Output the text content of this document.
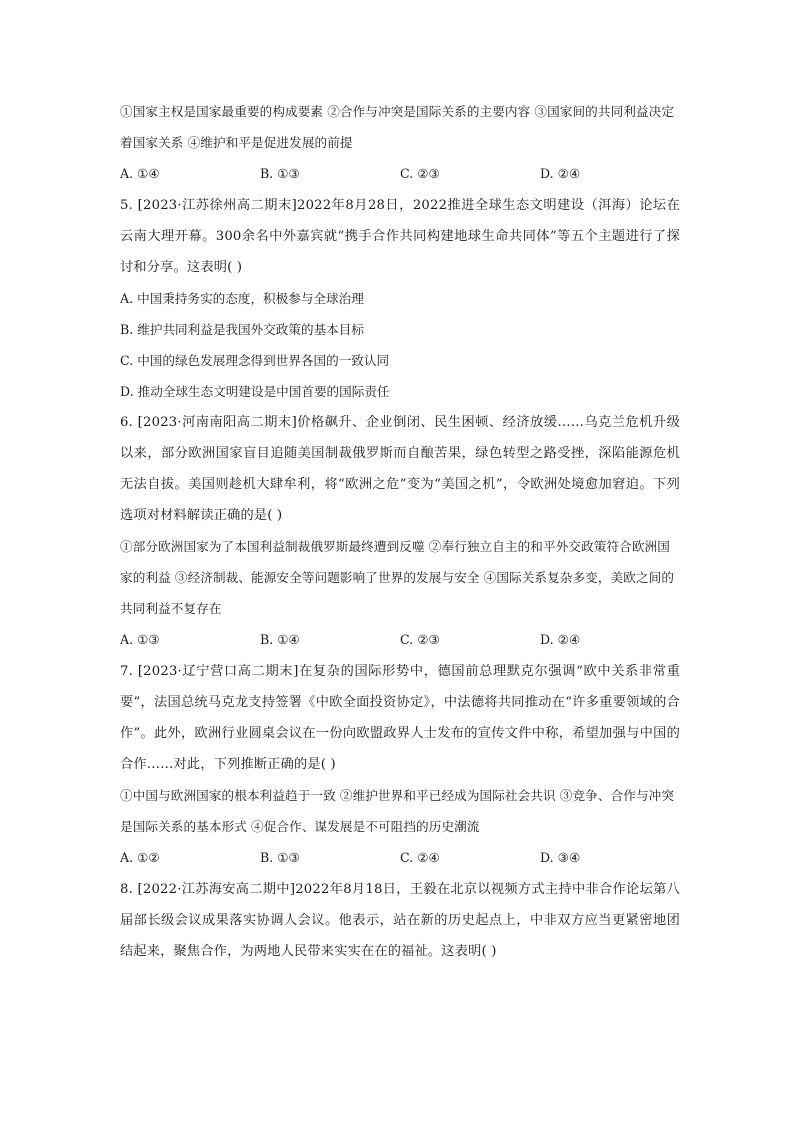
①国家主权是国家最重要的构成要素 ②合作与冲突是国际关系的主要内容 ③国家间的共同利益决定着国家关系 ④维护和平是促进发展的前提

A. ①④	B. ①③	C. ②③	D. ②④

5. [2023·江苏徐州高二期末]2022年8月28日，2022推进全球生态文明建设（洱海）论坛在云南大理开幕。300余名中外嘉宾就“携手合作共同构建地球生命共同体”等五个主题进行了探讨和分享。这表明( )

A. 中国秉持务实的态度，积极参与全球治理

B. 维护共同利益是我国外交政策的基本目标

C. 中国的绿色发展理念得到世界各国的一致认同

D. 推动全球生态文明建设是中国首要的国际责任

6. [2023·河南南阳高二期末]价格飙升、企业倒闭、民生困顿、经济放缓……乌克兰危机升级以来，部分欧洲国家盲目追随美国制裁俄罗斯而自酿苦果，绿色转型之路受挫，深陷能源危机无法自拔。美国则趁机大肆牟利，将“欧洲之危”变为“美国之机”，令欧洲处境愈加窘迫。下列选项对材料解读正确的是( )

①部分欧洲国家为了本国利益制裁俄罗斯最终遭到反噬 ②奉行独立自主的和平外交政策符合欧洲国家的利益 ③经济制裁、能源安全等问题影响了世界的发展与安全 ④国际关系复杂多变，美欧之间的共同利益不复存在

A. ①③	B. ①④	C. ②③	D. ②④

7. [2023·辽宁营口高二期末]在复杂的国际形势中，德国前总理默克尔强调“欧中关系非常重要”，法国总统马克龙支持签署《中欧全面投资协定》，中法德将共同推动在“许多重要领域的合作”。此外，欧洲行业圆桌会议在一份向欧盟政界人士发布的宣传文件中称，希望加强与中国的合作……对此，下列推断正确的是( )

①中国与欧洲国家的根本利益趋于一致 ②维护世界和平已经成为国际社会共识 ③竞争、合作与冲突是国际关系的基本形式 ④促合作、谋发展是不可阻挡的历史潮流

A. ①②	B. ①③	C. ②④	D. ③④

8. [2022·江苏海安高二期中]2022年8月18日，王毅在北京以视频方式主持中非合作论坛第八届部长级会议成果落实协调人会议。他表示，站在新的历史起点上，中非双方应当更紧密地团结起来，聚焦合作，为两地人民带来实实在在的福祉。这表明( )
